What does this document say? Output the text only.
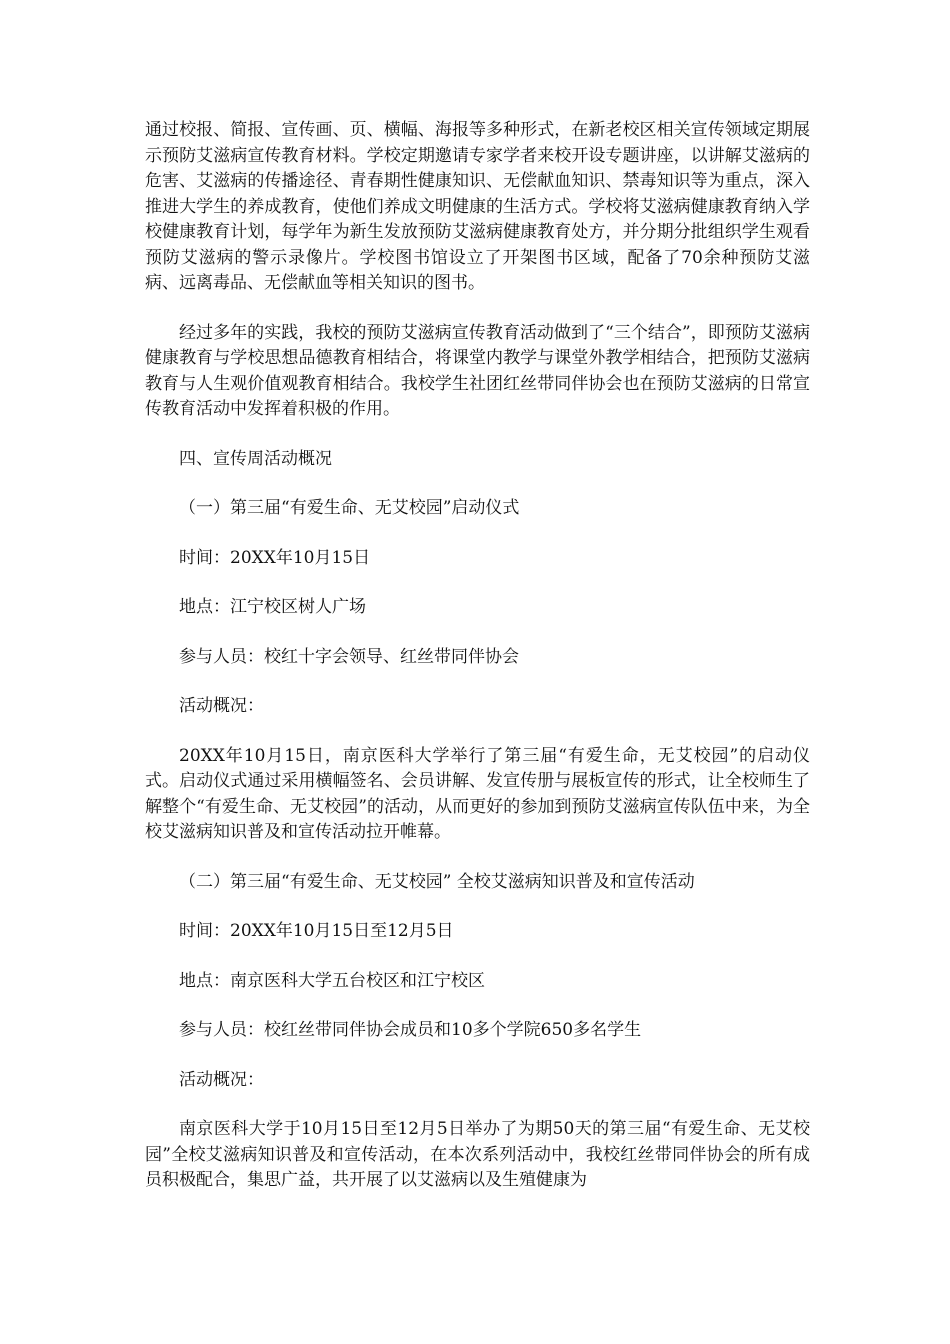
通过校报、简报、宣传画、页、横幅、海报等多种形式，在新老校区相关宣传领域定期展示预防艾滋病宣传教育材料。学校定期邀请专家学者来校开设专题讲座，以讲解艾滋病的危害、艾滋病的传播途径、青春期性健康知识、无偿献血知识、禁毒知识等为重点，深入推进大学生的养成教育，使他们养成文明健康的生活方式。学校将艾滋病健康教育纳入学校健康教育计划，每学年为新生发放预防艾滋病健康教育处方，并分期分批组织学生观看预防艾滋病的警示录像片。学校图书馆设立了开架图书区域，配备了70余种预防艾滋病、远离毒品、无偿献血等相关知识的图书。

经过多年的实践，我校的预防艾滋病宣传教育活动做到了“三个结合”，即预防艾滋病健康教育与学校思想品德教育相结合，将课堂内教学与课堂外教学相结合，把预防艾滋病教育与人生观价值观教育相结合。我校学生社团红丝带同伴协会也在预防艾滋病的日常宣传教育活动中发挥着积极的作用。

四、宣传周活动概况

（一）第三届“有爱生命、无艾校园”启动仪式

时间：20XX年10月15日

地点：江宁校区树人广场

参与人员：校红十字会领导、红丝带同伴协会

活动概况：

20XX年10月15日，南京医科大学举行了第三届“有爱生命，无艾校园”的启动仪式。启动仪式通过采用横幅签名、会员讲解、发宣传册与展板宣传的形式，让全校师生了解整个“有爱生命、无艾校园”的活动，从而更好的参加到预防艾滋病宣传队伍中来，为全校艾滋病知识普及和宣传活动拉开帷幕。

（二）第三届“有爱生命、无艾校园” 全校艾滋病知识普及和宣传活动

时间：20XX年10月15日至12月5日

地点：南京医科大学五台校区和江宁校区

参与人员：校红丝带同伴协会成员和10多个学院650多名学生

活动概况：

南京医科大学于10月15日至12月5日举办了为期50天的第三届“有爱生命、无艾校园”全校艾滋病知识普及和宣传活动，在本次系列活动中，我校红丝带同伴协会的所有成员积极配合，集思广益，共开展了以艾滋病以及生殖健康为
